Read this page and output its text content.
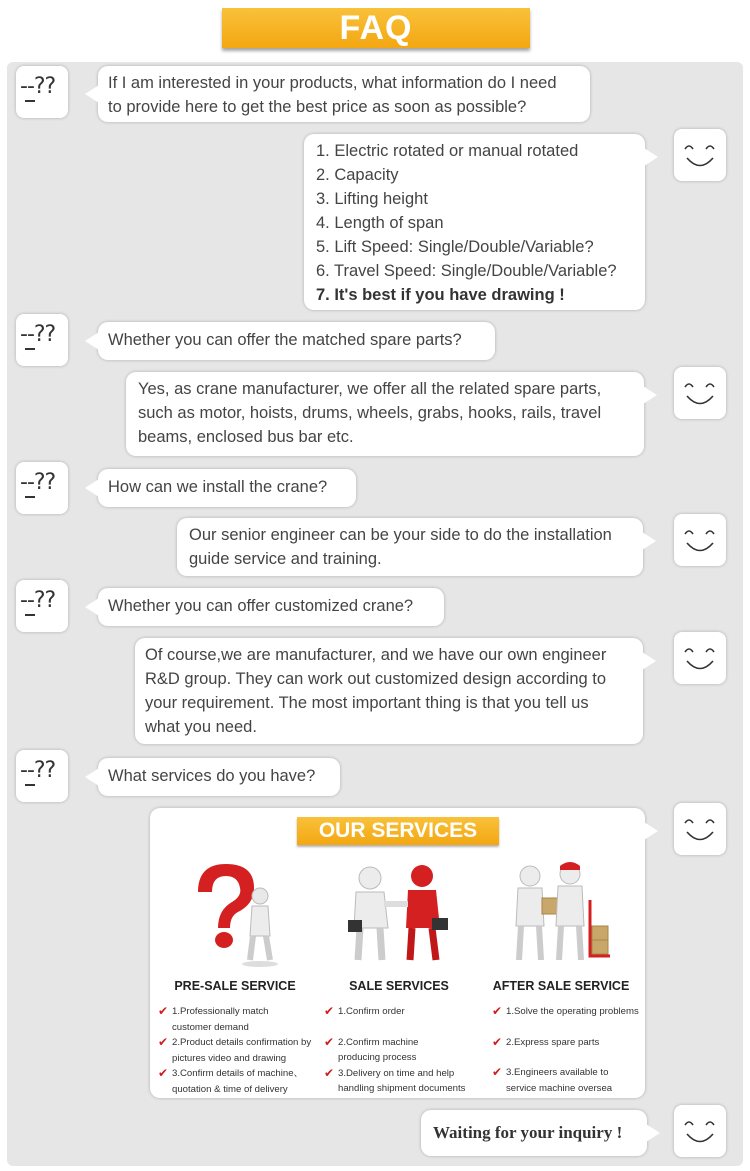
FAQ
--??	If I am interested in your products, what information do I need
to provide here to get the best price as soon as possible?
1. Electric rotated or manual rotated
2. Capacity
3. Lifting height
4. Length of span
5. Lift Speed: Single/Double/Variable?
6. Travel Speed: Single/Double/Variable?
7. It's best if you have drawing !
--??	Whether you can offer the matched spare parts?
Yes, as crane manufacturer, we offer all the related spare parts,
such as motor, hoists, drums, wheels, grabs, hooks, rails, travel
beams, enclosed bus bar etc.
--??	How can we install the crane?
Our senior engineer can be your side to do the installation
guide service and training.
--??	Whether you can offer customized crane?
Of course,we are manufacturer, and we have our own engineer
R&D group. They can work out customized design according to
your requirement. The most important thing is that you tell us
what you need.
--??	What services do you have?
OUR SERVICES
PRE-SALE SERVICE
✔ 1.Professionally match
customer demand
✔ 2.Product details confirmation by
pictures video and drawing
✔ 3.Confirm details of machine、
quotation & time of delivery
SALE SERVICES
✔ 1.Confirm order
✔ 2.Confirm machine
producing process
✔ 3.Delivery on time and help
handling shipment documents
AFTER SALE SERVICE
✔ 1.Solve the operating problems
✔ 2.Express spare parts
✔ 3.Engineers available to
service machine oversea
Waiting for your inquiry !
